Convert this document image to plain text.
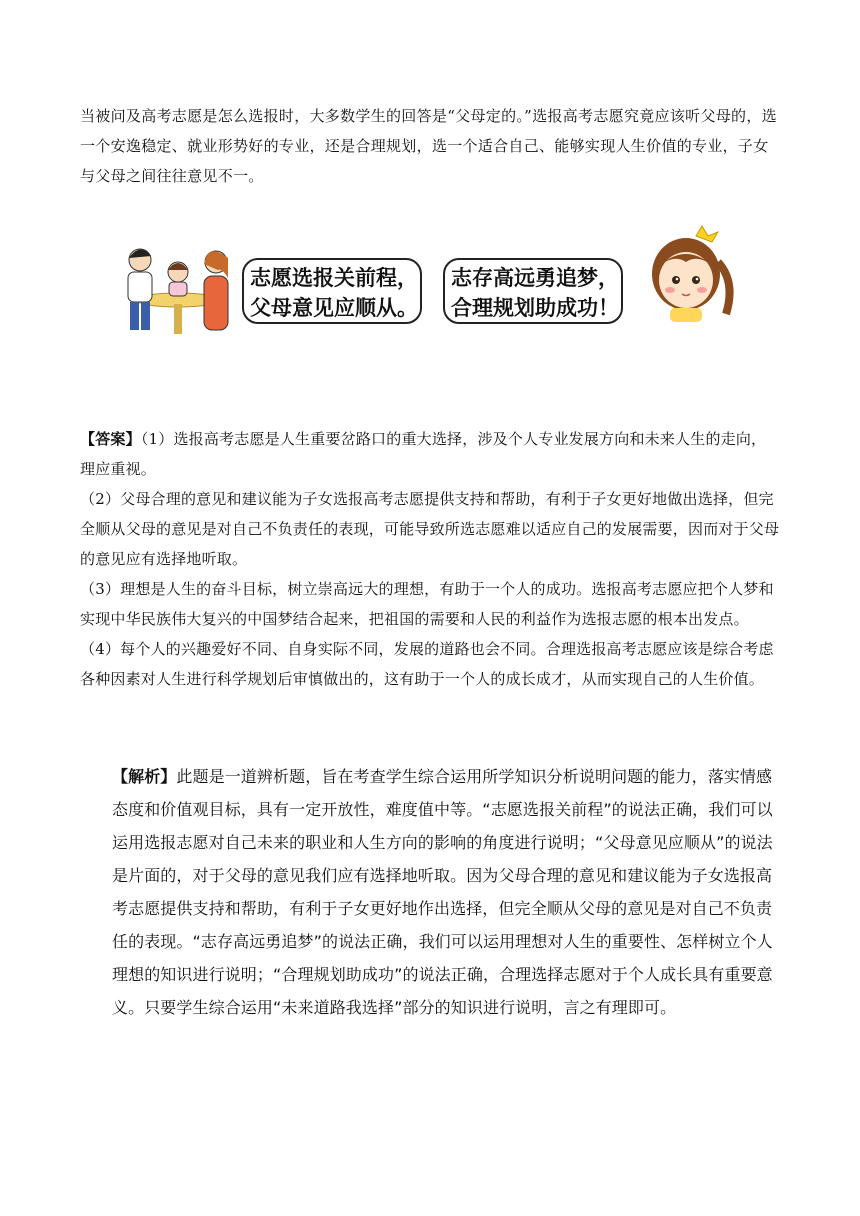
当被问及高考志愿是怎么选报时，大多数学生的回答是“父母定的。”选报高考志愿究竟应该听父母的，选一个安逸稳定、就业形势好的专业，还是合理规划，选一个适合自己、能够实现人生价值的专业，子女与父母之间往往意见不一。

志愿选报关前程，
父母意见应顺从。
志存高远勇追梦，
合理规划助成功！

【答案】（1）选报高考志愿是人生重要岔路口的重大选择，涉及个人专业发展方向和未来人生的走向，理应重视。

（2）父母合理的意见和建议能为子女选报高考志愿提供支持和帮助，有利于子女更好地做出选择，但完全顺从父母的意见是对自己不负责任的表现，可能导致所选志愿难以适应自己的发展需要，因而对于父母的意见应有选择地听取。

（3）理想是人生的奋斗目标，树立崇高远大的理想，有助于一个人的成功。选报高考志愿应把个人梦和实现中华民族伟大复兴的中国梦结合起来，把祖国的需要和人民的利益作为选报志愿的根本出发点。

（4）每个人的兴趣爱好不同、自身实际不同，发展的道路也会不同。合理选报高考志愿应该是综合考虑各种因素对人生进行科学规划后审慎做出的，这有助于一个人的成长成才，从而实现自己的人生价值。

【解析】此题是一道辨析题，旨在考查学生综合运用所学知识分析说明问题的能力，落实情感态度和价值观目标，具有一定开放性，难度值中等。“志愿选报关前程”的说法正确，我们可以运用选报志愿对自己未来的职业和人生方向的影响的角度进行说明；“父母意见应顺从”的说法是片面的，对于父母的意见我们应有选择地听取。因为父母合理的意见和建议能为子女选报高考志愿提供支持和帮助，有利于子女更好地作出选择，但完全顺从父母的意见是对自己不负责任的表现。“志存高远勇追梦”的说法正确，我们可以运用理想对人生的重要性、怎样树立个人理想的知识进行说明；“合理规划助成功”的说法正确，合理选择志愿对于个人成长具有重要意义。只要学生综合运用“未来道路我选择”部分的知识进行说明，言之有理即可。
